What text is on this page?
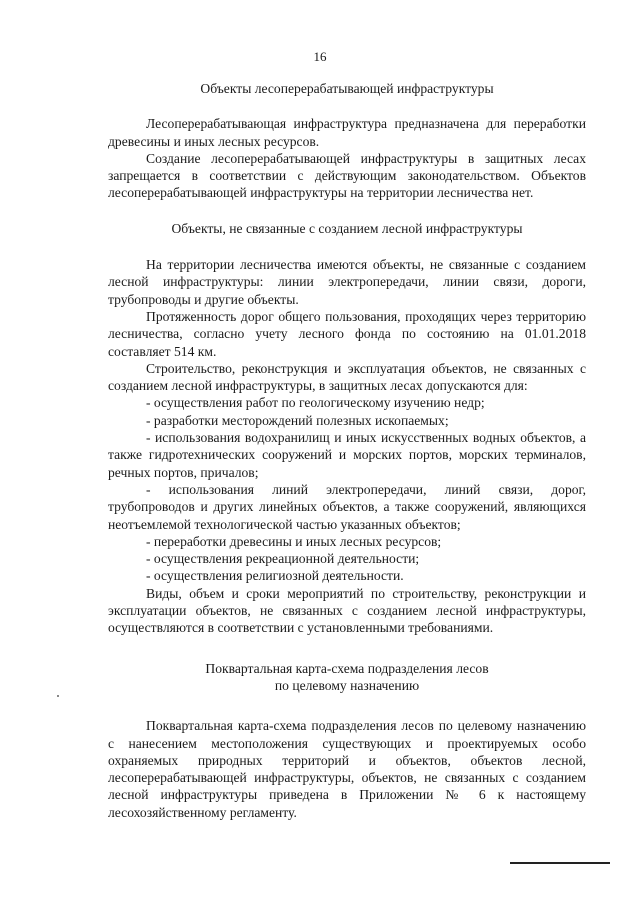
16
Объекты лесоперерабатывающей инфраструктуры

Лесоперерабатывающая инфраструктура предназначена для переработки древесины и иных лесных ресурсов.

Создание лесоперерабатывающей инфраструктуры в защитных лесах запрещается в соответствии с действующим законодательством. Объектов лесоперерабатывающей инфраструктуры на территории лесничества нет.

Объекты, не связанные с созданием лесной инфраструктуры

На территории лесничества имеются объекты, не связанные с созданием лесной инфраструктуры: линии электропередачи, линии связи, дороги, трубопроводы и другие объекты.

Протяженность дорог общего пользования, проходящих через территорию лесничества, согласно учету лесного фонда по состоянию на 01.01.2018 составляет 514 км.

Строительство, реконструкция и эксплуатация объектов, не связанных с созданием лесной инфраструктуры, в защитных лесах допускаются для:

- осуществления работ по геологическому изучению недр;

- разработки месторождений полезных ископаемых;

- использования водохранилищ и иных искусственных водных объектов, а также гидротехнических сооружений и морских портов, морских терминалов, речных портов, причалов;

- использования линий электропередачи, линий связи, дорог, трубопроводов и других линейных объектов, а также сооружений, являющихся неотъемлемой технологической частью указанных объектов;

- переработки древесины и иных лесных ресурсов;

- осуществления рекреационной деятельности;

- осуществления религиозной деятельности.

Виды, объем и сроки мероприятий по строительству, реконструкции и эксплуатации объектов, не связанных с созданием лесной инфраструктуры, осуществляются в соответствии с установленными требованиями.

Поквартальная карта-схема подразделения лесов
по целевому назначению

Поквартальная карта-схема подразделения лесов по целевому назначению с нанесением местоположения существующих и проектируемых особо охраняемых природных территорий и объектов, объектов лесной, лесоперерабатывающей инфраструктуры, объектов, не связанных с созданием лесной инфраструктуры приведена в Приложении № 6 к настоящему лесохозяйственному регламенту.
